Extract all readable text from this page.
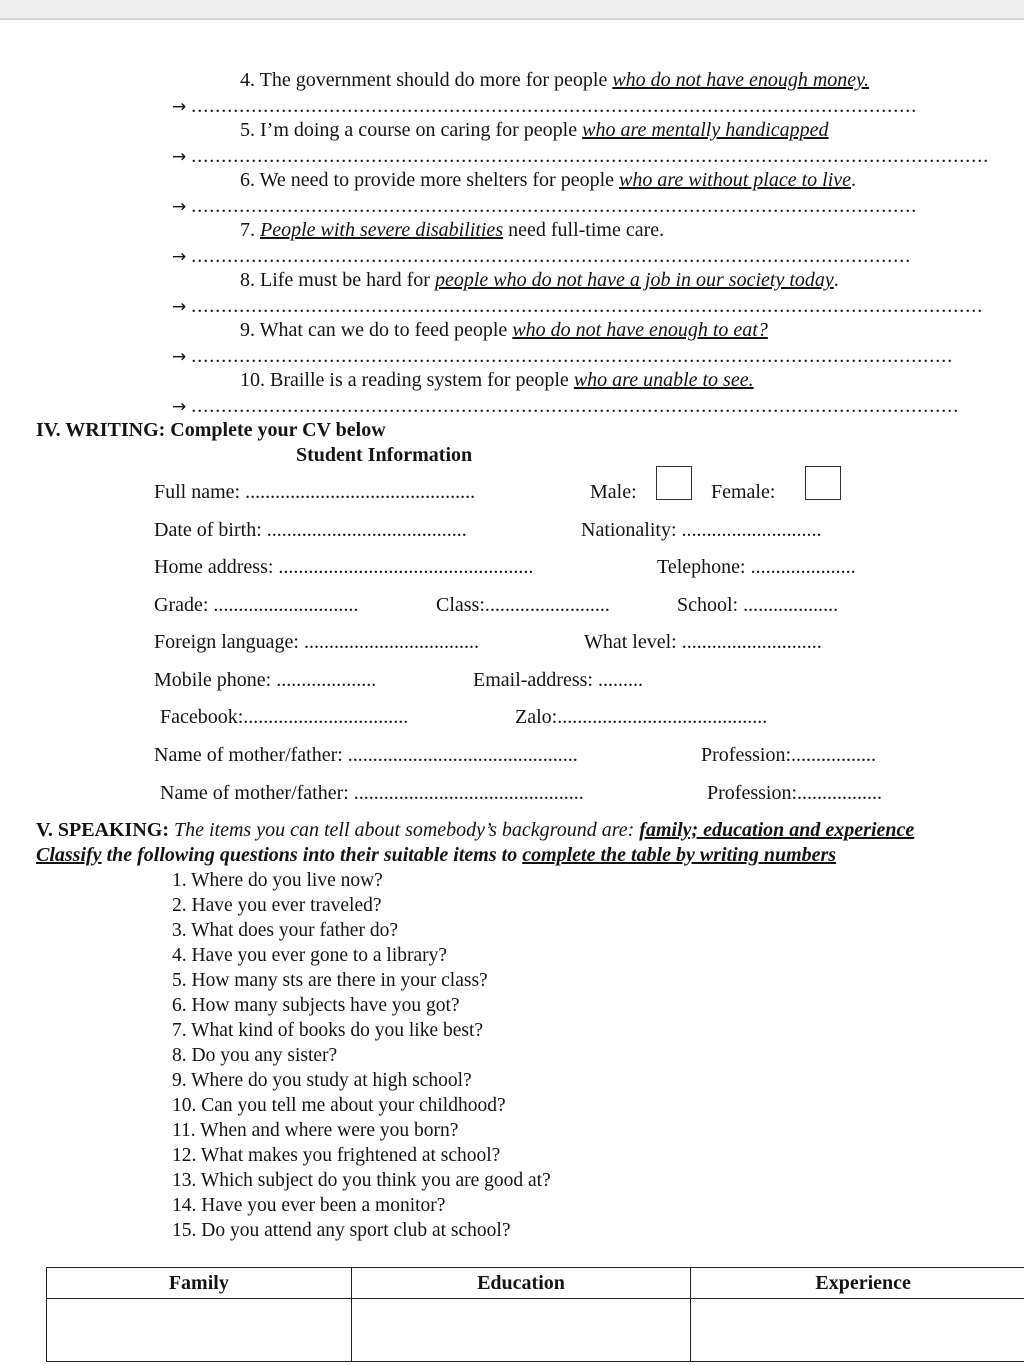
4. The government should do more for people who do not have enough money.
→ .........................................................................................................................
5. I’m doing a course on caring for people who are mentally handicapped
→ .....................................................................................................................................
6. We need to provide more shelters for people who are without place to live.
→ .........................................................................................................................
7. People with severe disabilities need full-time care.
→ ........................................................................................................................
8. Life must be hard for people who do not have a job in our society today.
→ ....................................................................................................................................
9. What can we do to feed people who do not have enough to eat?
→ ...............................................................................................................................
10. Braille is a reading system for people who are unable to see.
→ ................................................................................................................................
IV. WRITING: Complete your CV below
Student Information
Full name: ..............................................	Male:	Female:
Date of birth: ........................................	Nationality: ............................
Home address: ...................................................	Telephone: .....................
Grade: .............................	Class:.........................	School: ...................
Foreign language: ...................................	What level: ............................
Mobile phone: ....................	Email-address: .........
Facebook:.................................	Zalo:..........................................
Name of mother/father: ..............................................	Profession:.................
Name of mother/father: ..............................................	Profession:.................
V. SPEAKING: The items you can tell about somebody’s background are: family; education and experience
Classify the following questions into their suitable items to complete the table by writing numbers
1. Where do you live now?
2. Have you ever traveled?
3. What does your father do?
4. Have you ever gone to a library?
5. How many sts are there in your class?
6. How many subjects have you got?
7. What kind of books do you like best?
8. Do you any sister?
9. Where do you study at high school?
10. Can you tell me about your childhood?
11. When and where were you born?
12. What makes you frightened at school?
13. Which subject do you think you are good at?
14. Have you ever been a monitor?
15. Do you attend any sport club at school?
Family	Education	Experience
